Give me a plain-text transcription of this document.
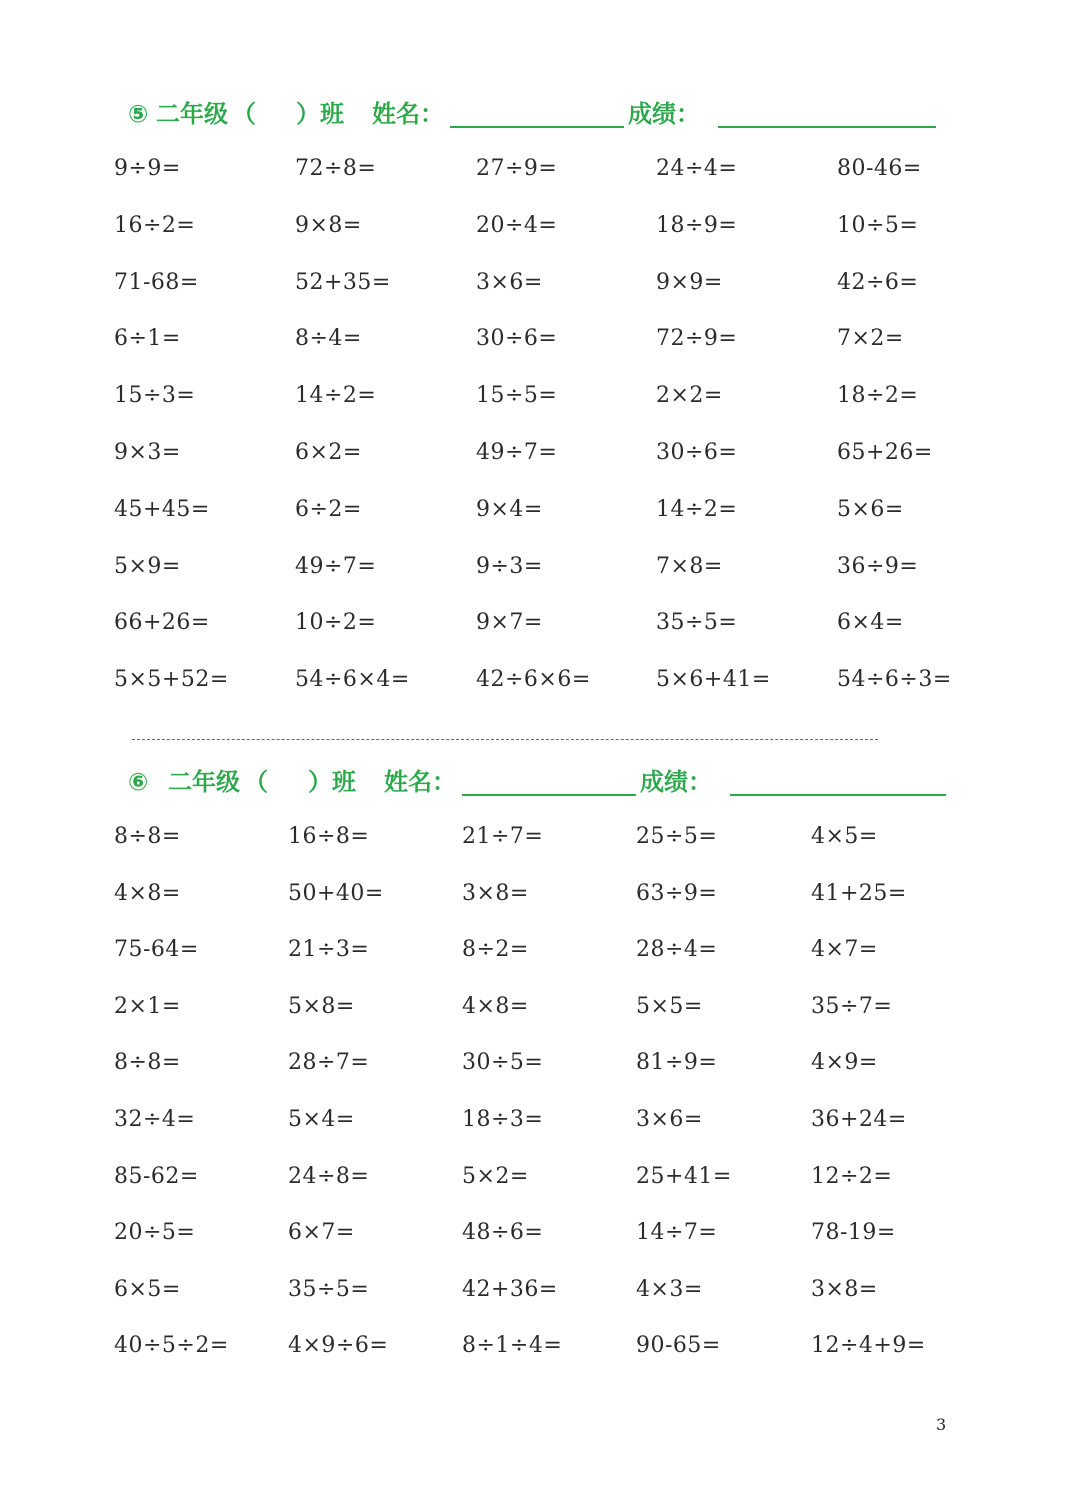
⑤ 二年级 （ ）班 姓名：	成绩：
9÷9=	72÷8=	27÷9=	24÷4=	80-46=
16÷2=	9×8=	20÷4=	18÷9=	10÷5=
71-68=	52+35=	3×6=	9×9=	42÷6=
6÷1=	8÷4=	30÷6=	72÷9=	7×2=
15÷3=	14÷2=	15÷5=	2×2=	18÷2=
9×3=	6×2=	49÷7=	30÷6=	65+26=
45+45=	6÷2=	9×4=	14÷2=	5×6=
5×9=	49÷7=	9÷3=	7×8=	36÷9=
66+26=	10÷2=	9×7=	35÷5=	6×4=
5×5+52=	54÷6×4=	42÷6×6=	5×6+41=	54÷6÷3=
⑥ 二年级 （ ）班 姓名：	成绩：
8÷8=	16÷8=	21÷7=	25÷5=	4×5=
4×8=	50+40=	3×8=	63÷9=	41+25=
75-64=	21÷3=	8÷2=	28÷4=	4×7=
2×1=	5×8=	4×8=	5×5=	35÷7=
8÷8=	28÷7=	30÷5=	81÷9=	4×9=
32÷4=	5×4=	18÷3=	3×6=	36+24=
85-62=	24÷8=	5×2=	25+41=	12÷2=
20÷5=	6×7=	48÷6=	14÷7=	78-19=
6×5=	35÷5=	42+36=	4×3=	3×8=
40÷5÷2=	4×9÷6=	8÷1÷4=	90-65=	12÷4+9=
3
